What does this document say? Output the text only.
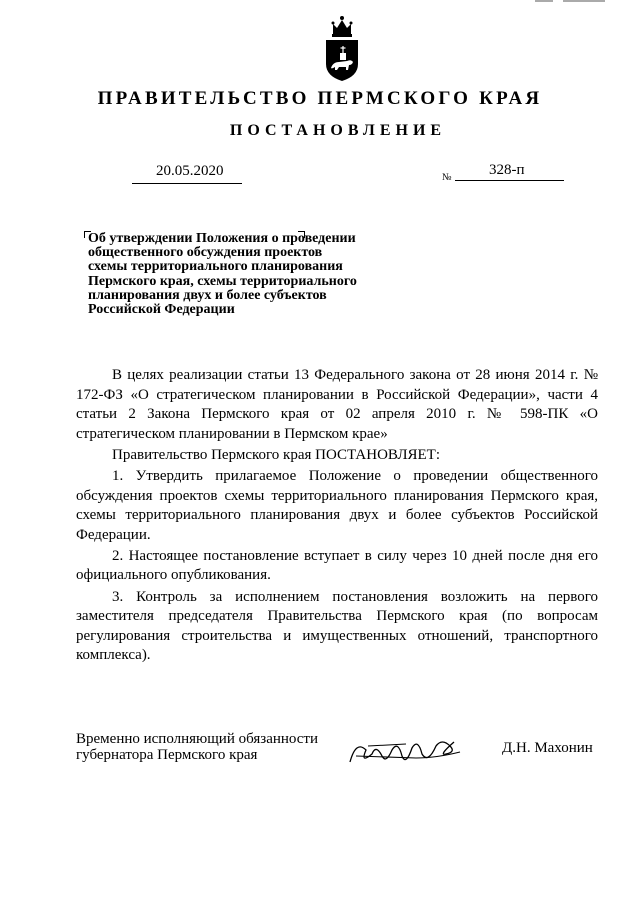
ПРАВИТЕЛЬСТВО ПЕРМСКОГО КРАЯ
ПОСТАНОВЛЕНИЕ
20.05.2020	№ 328-п
Об утверждении Положения о проведении
общественного обсуждения проектов
схемы территориального планирования
Пермского края, схемы территориального
планирования двух и более субъектов
Российской Федерации

В целях реализации статьи 13 Федерального закона от 28 июня 2014 г. № 172-ФЗ «О стратегическом планировании в Российской Федерации», части 4 статьи 2 Закона Пермского края от 02 апреля 2010 г. № 598-ПК «О стратегическом планировании в Пермском крае»

Правительство Пермского края ПОСТАНОВЛЯЕТ:

1. Утвердить прилагаемое Положение о проведении общественного обсуждения проектов схемы территориального планирования Пермского края, схемы территориального планирования двух и более субъектов Российской Федерации.

2. Настоящее постановление вступает в силу через 10 дней после дня его официального опубликования.

3. Контроль за исполнением постановления возложить на первого заместителя председателя Правительства Пермского края (по вопросам регулирования строительства и имущественных отношений, транспортного комплекса).

Временно исполняющий обязанности
губернатора Пермского края	Д.Н. Махонин
